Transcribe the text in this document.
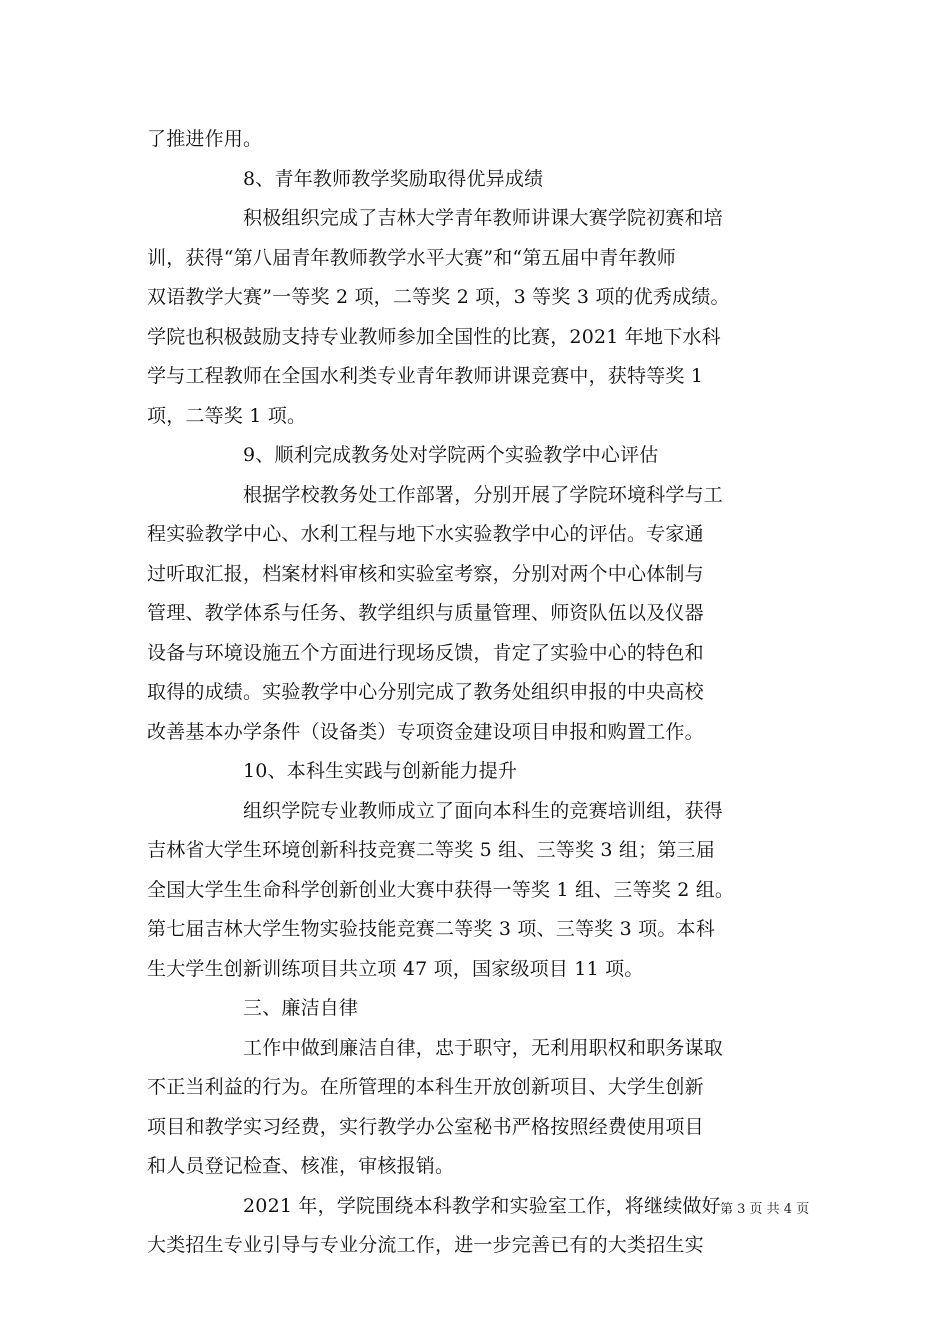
了推进作用。
8、青年教师教学奖励取得优异成绩
积极组织完成了吉林大学青年教师讲课大赛学院初赛和培
训，获得“第八届青年教师教学水平大赛”和“第五届中青年教师
双语教学大赛”一等奖 2 项，二等奖 2 项，3 等奖 3 项的优秀成绩。
学院也积极鼓励支持专业教师参加全国性的比赛，2021 年地下水科
学与工程教师在全国水利类专业青年教师讲课竞赛中，获特等奖 1
项，二等奖 1 项。
9、顺利完成教务处对学院两个实验教学中心评估
根据学校教务处工作部署，分别开展了学院环境科学与工
程实验教学中心、水利工程与地下水实验教学中心的评估。专家通
过听取汇报，档案材料审核和实验室考察，分别对两个中心体制与
管理、教学体系与任务、教学组织与质量管理、师资队伍以及仪器
设备与环境设施五个方面进行现场反馈，肯定了实验中心的特色和
取得的成绩。实验教学中心分别完成了教务处组织申报的中央高校
改善基本办学条件（设备类）专项资金建设项目申报和购置工作。
10、本科生实践与创新能力提升
组织学院专业教师成立了面向本科生的竞赛培训组，获得
吉林省大学生环境创新科技竞赛二等奖 5 组、三等奖 3 组；第三届
全国大学生生命科学创新创业大赛中获得一等奖 1 组、三等奖 2 组。
第七届吉林大学生物实验技能竞赛二等奖 3 项、三等奖 3 项。本科
生大学生创新训练项目共立项 47 项，国家级项目 11 项。
三、廉洁自律
工作中做到廉洁自律，忠于职守，无利用职权和职务谋取
不正当利益的行为。在所管理的本科生开放创新项目、大学生创新
项目和教学实习经费，实行教学办公室秘书严格按照经费使用项目
和人员登记检查、核准，审核报销。
2021 年，学院围绕本科教学和实验室工作，将继续做好
大类招生专业引导与专业分流工作，进一步完善已有的大类招生实
第 3 页 共 4 页
